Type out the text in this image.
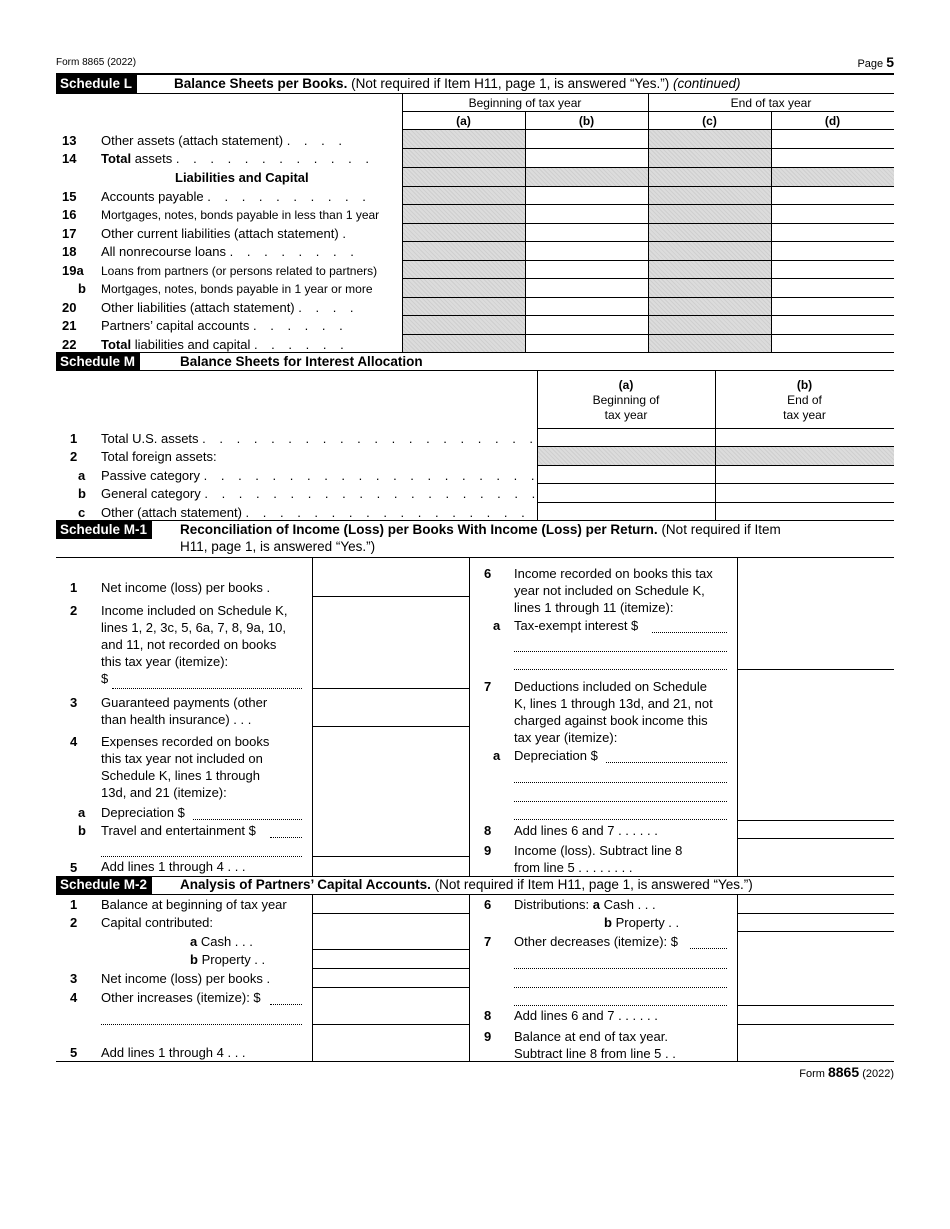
Form 8865 (2022)	Page 5
Schedule L	Balance Sheets per Books. (Not required if Item H11, page 1, is answered “Yes.”) (continued)
Beginning of tax year	End of tax year
(a)	(b)	(c)	(d)
13 Other assets (attach statement) . . . .
14 Total assets . . . . . . . . . . . .
Liabilities and Capital
15 Accounts payable . . . . . . . . . .
16 Mortgages, notes, bonds payable in less than 1 year
17 Other current liabilities (attach statement) .
18 All nonrecourse loans . . . . . . . .
19a Loans from partners (or persons related to partners)
b Mortgages, notes, bonds payable in 1 year or more
20 Other liabilities (attach statement) . . . .
21 Partners’ capital accounts . . . . . .
22 Total liabilities and capital . . . . . .
Schedule M	Balance Sheets for Interest Allocation
(a)
Beginning of
tax year
(b)
End of
tax year
1 Total U.S. assets . . . . . . . . . . . . . . . . . . . .
2 Total foreign assets:
a Passive category . . . . . . . . . . . . . . . . . . . .
b General category . . . . . . . . . . . . . . . . . . . .
c Other (attach statement) . . . . . . . . . . . . . . . . .
Schedule M-1	Reconciliation of Income (Loss) per Books With Income (Loss) per Return. (Not required if Item
H11, page 1, is answered “Yes.”)
1 Net income (loss) per books .
2 Income included on Schedule K,
lines 1, 2, 3c, 5, 6a, 7, 8, 9a, 10,
and 11, not recorded on books
this tax year (itemize):
$
3 Guaranteed payments (other
than health insurance) . . .
4 Expenses recorded on books
this tax year not included on
Schedule K, lines 1 through
13d, and 21 (itemize):
a Depreciation $
b Travel and entertainment $
5 Add lines 1 through 4 . . .
6 Income recorded on books this tax
year not included on Schedule K,
lines 1 through 11 (itemize):
a Tax-exempt interest $
7 Deductions included on Schedule
K, lines 1 through 13d, and 21, not
charged against book income this
tax year (itemize):
a Depreciation $
8 Add lines 6 and 7 . . . . . .
9 Income (loss). Subtract line 8
from line 5 . . . . . . . .
Schedule M-2	Analysis of Partners’ Capital Accounts. (Not required if Item H11, page 1, is answered “Yes.”)
1 Balance at beginning of tax year
2 Capital contributed:
a Cash . . .
b Property . .
3 Net income (loss) per books .
4 Other increases (itemize): $
5 Add lines 1 through 4 . . .
6 Distributions: a Cash . . .
b Property . .
7 Other decreases (itemize): $
8 Add lines 6 and 7 . . . . . .
9 Balance at end of tax year.
Subtract line 8 from line 5 . .
Form 8865 (2022)
